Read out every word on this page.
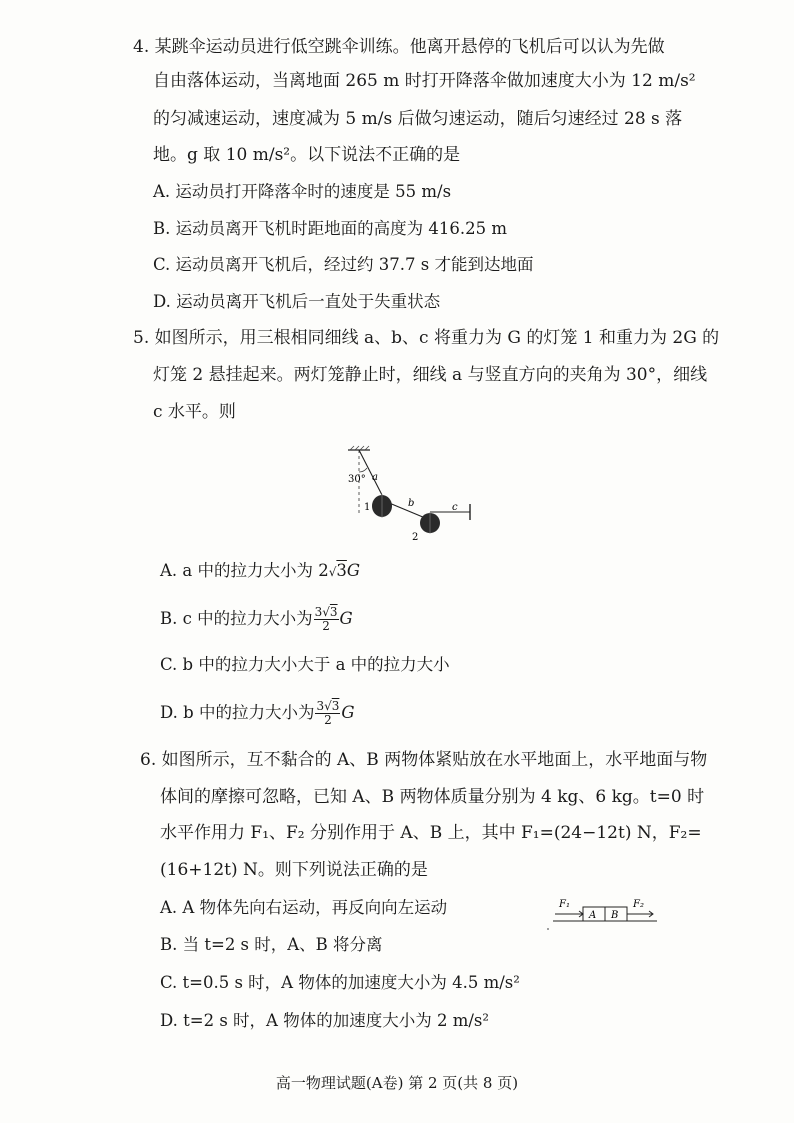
4. 某跳伞运动员进行低空跳伞训练。他离开悬停的飞机后可以认为先做
自由落体运动，当离地面 265 m 时打开降落伞做加速度大小为 12 m/s²
的匀减速运动，速度减为 5 m/s 后做匀速运动，随后匀速经过 28 s 落
地。g 取 10 m/s²。以下说法不正确的是
A. 运动员打开降落伞时的速度是 55 m/s
B. 运动员离开飞机时距地面的高度为 416.25 m
C. 运动员离开飞机后，经过约 37.7 s 才能到达地面
D. 运动员离开飞机后一直处于失重状态
5. 如图所示，用三根相同细线 a、b、c 将重力为 G 的灯笼 1 和重力为 2G 的
灯笼 2 悬挂起来。两灯笼静止时，细线 a 与竖直方向的夹角为 30°，细线
c 水平。则
30° a
b	c
1
2
A. a 中的拉力大小为 2√3G
B. c 中的拉力大小为 $\frac{3√3}{2}$ G
C. b 中的拉力大小大于 a 中的拉力大小
D. b 中的拉力大小为 $\frac{3√3}{2}$ G
6. 如图所示，互不黏合的 A、B 两物体紧贴放在水平地面上，水平地面与物
体间的摩擦可忽略，已知 A、B 两物体质量分别为 4 kg、6 kg。t=0 时
水平作用力 F₁、F₂ 分别作用于 A、B 上，其中 F₁=(24−12t) N，F₂=
(16+12t) N。则下列说法正确的是
A. A 物体先向右运动，再反向向左运动
B. 当 t=2 s 时，A、B 将分离
C. t=0.5 s 时，A 物体的加速度大小为 4.5 m/s²
D. t=2 s 时，A 物体的加速度大小为 2 m/s²
A B
F₁	F₂
高一物理试题(A卷) 第 2 页(共 8 页)
